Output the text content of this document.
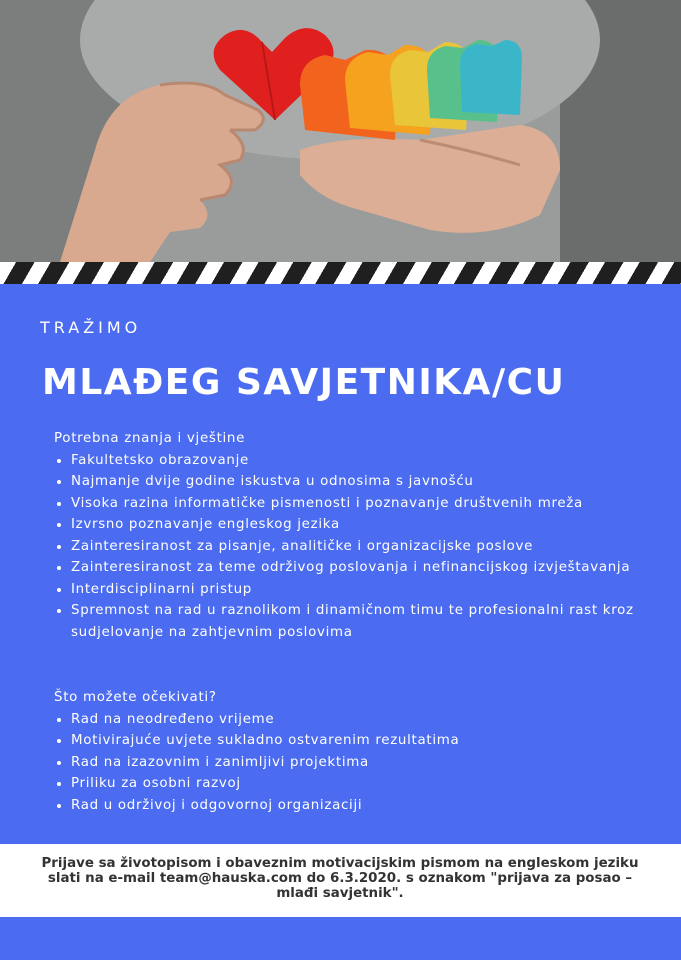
TRAŽIMO
MLAĐEG SAVJETNIKA/CU

Potrebna znanja i vještine

• Fakultetsko obrazovanje
• Najmanje dvije godine iskustva u odnosima s javnošću
• Visoka razina informatičke pismenosti i poznavanje društvenih mreža
• Izvrsno poznavanje engleskog jezika
• Zainteresiranost za pisanje, analitičke i organizacijske poslove
• Zainteresiranost za teme održivog poslovanja i nefinancijskog izvještavanja
• Interdisciplinarni pristup
• Spremnost na rad u raznolikom i dinamičnom timu te profesionalni rast kroz sudjelovanje na zahtjevnim poslovima

Što možete očekivati?

• Rad na neodređeno vrijeme
• Motivirajuće uvjete sukladno ostvarenim rezultatima
• Rad na izazovnim i zanimljivi projektima
• Priliku za osobni razvoj
• Rad u održivoj i odgovornoj organizaciji
Prijave sa životopisom i obaveznim motivacijskim pismom na engleskom jeziku slati na e-mail team@hauska.com do 6.3.2020. s oznakom "prijava za posao – mlađi savjetnik".
